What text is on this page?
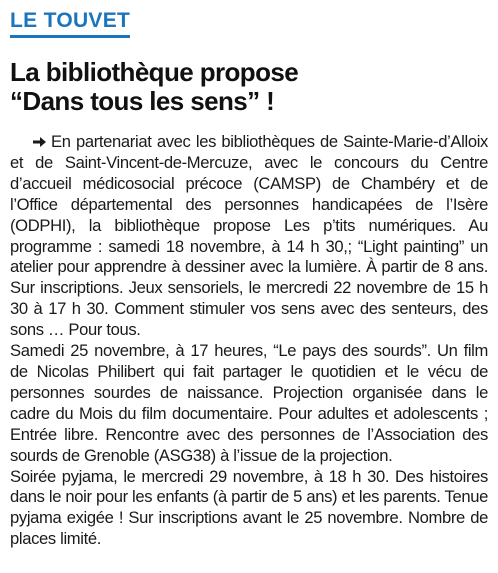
LE TOUVET
La bibliothèque propose
“Dans tous les sens” !

En partenariat avec les bibliothèques de Sainte-Marie-d’Alloix et de Saint-Vincent-de-Mercuze, avec le concours du Centre d’accueil médicosocial précoce (CAMSP) de Chambéry et de l’Office départemental des personnes handicapées de l’Isère (ODPHI), la bibliothèque propose Les p’tits numériques. Au programme : samedi 18 novembre, à 14 h 30,; “Light painting” un atelier pour apprendre à dessiner avec la lumière. À partir de 8 ans. Sur inscriptions. Jeux sensoriels, le mercredi 22 novembre de 15 h 30 à 17 h 30. Comment stimuler vos sens avec des senteurs, des sons … Pour tous.

Samedi 25 novembre, à 17 heures, “Le pays des sourds”. Un film de Nicolas Philibert qui fait partager le quotidien et le vécu de personnes sourdes de naissance. Projection organisée dans le cadre du Mois du film documentaire. Pour adultes et adolescents ; Entrée libre. Rencontre avec des personnes de l’Association des sourds de Grenoble (ASG38) à l’issue de la projection.

Soirée pyjama, le mercredi 29 novembre, à 18 h 30. Des histoires dans le noir pour les enfants (à partir de 5 ans) et les parents. Tenue pyjama exigée ! Sur inscriptions avant le 25 novembre. Nombre de places limité.
